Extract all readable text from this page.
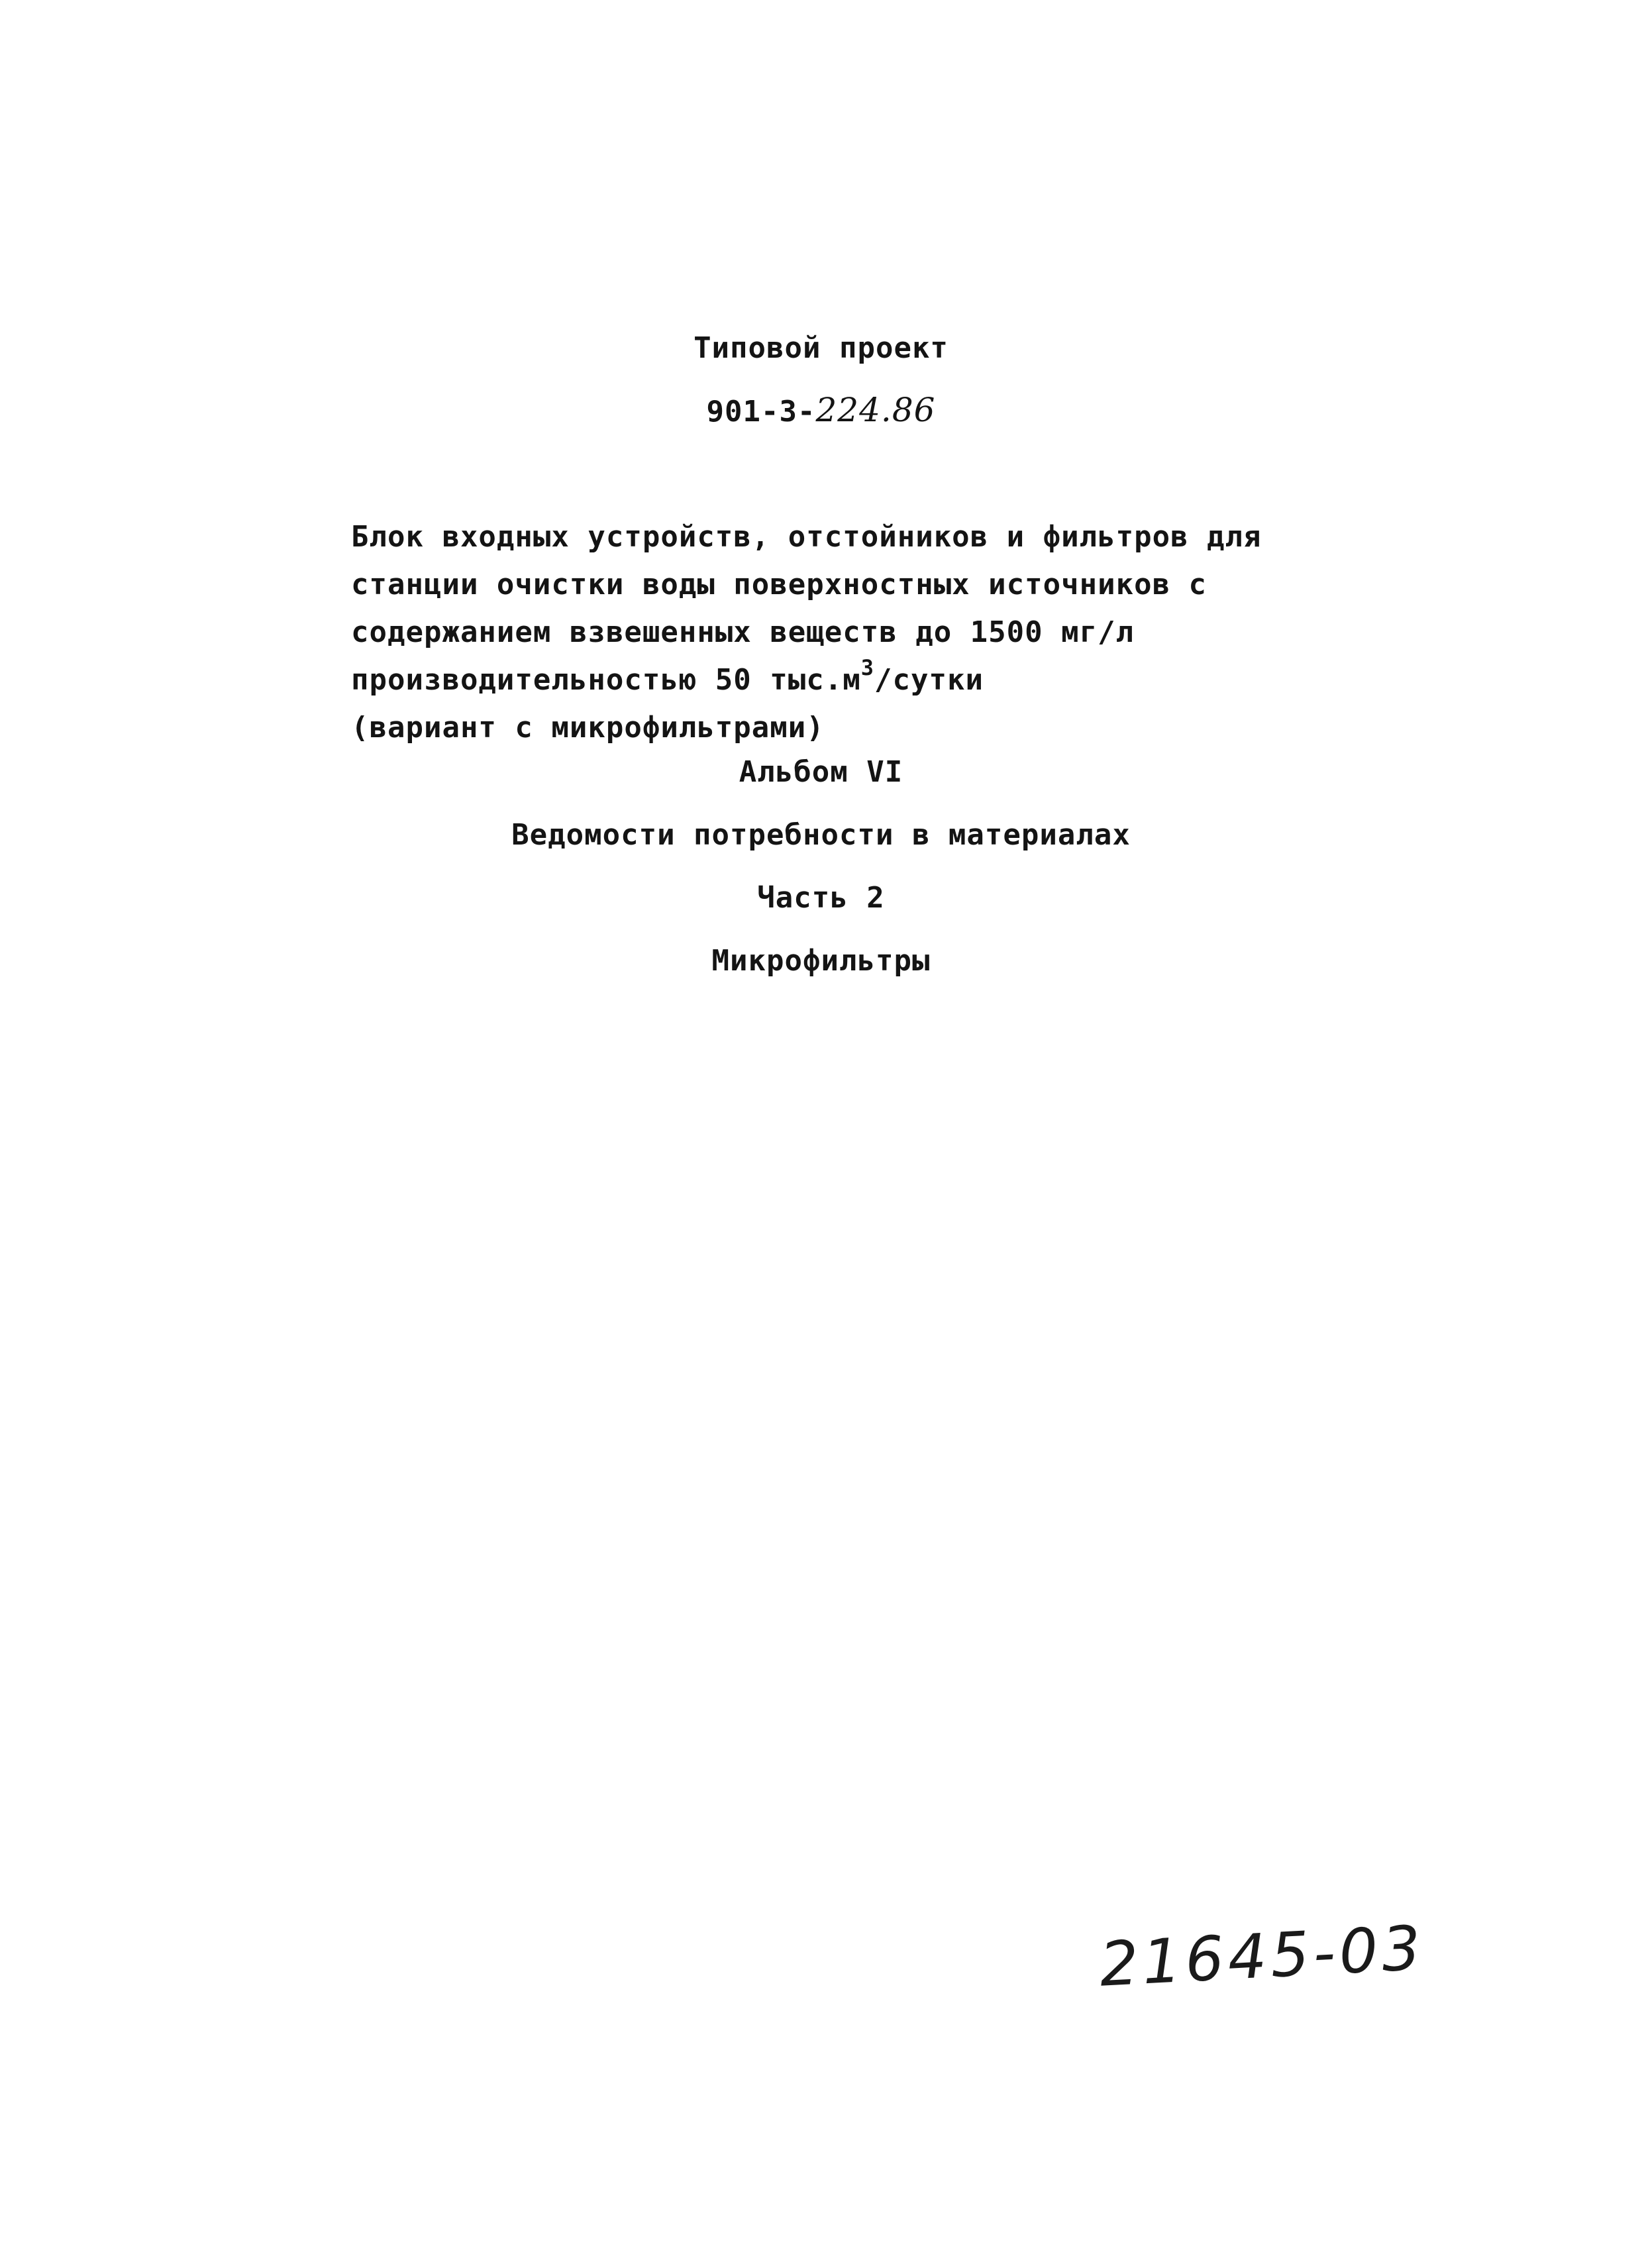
Типовой проект
901-3-224.86
Блок входных устройств, отстойников и фильтров для
станции очистки воды поверхностных источников с
содержанием взвешенных веществ до 1500 мг/л
производительностью 50 $тыс.м^3$/сутки
(вариант с микрофильтрами)
Альбом VI
Ведомости потребности в материалах
Часть 2
Микрофильтры
21645-03
